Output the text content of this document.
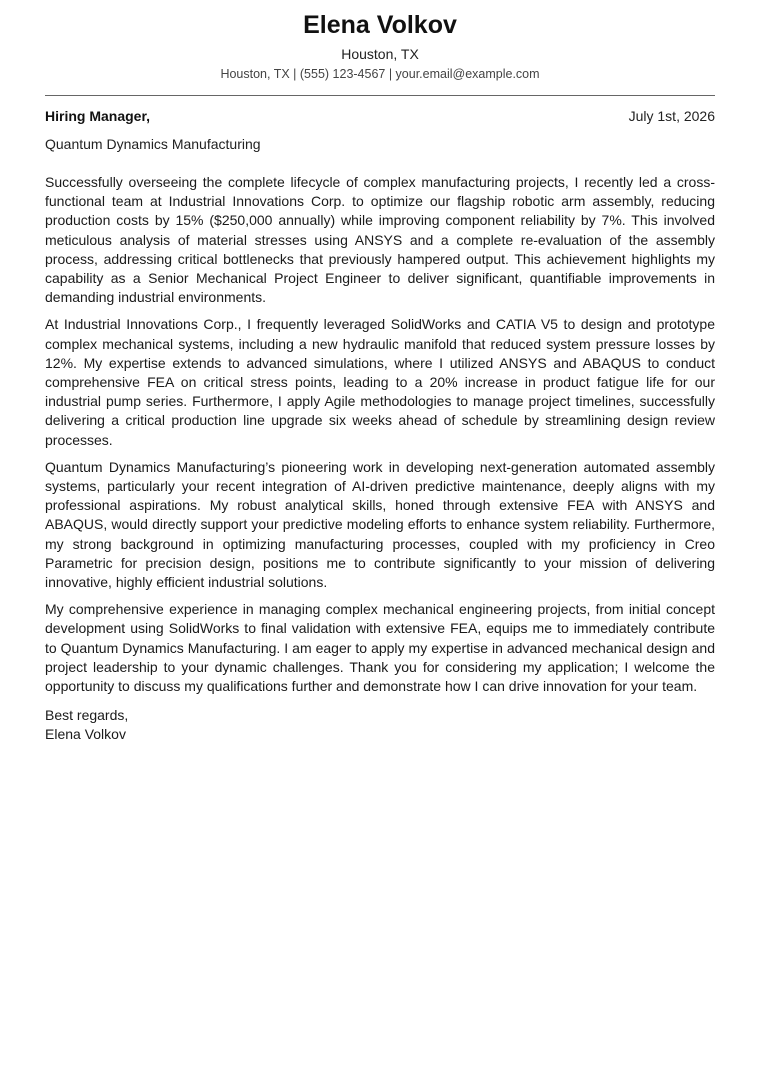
Elena Volkov
Houston, TX
Houston, TX | (555) 123-4567 | your.email@example.com
Hiring Manager,	July 1st, 2026
Quantum Dynamics Manufacturing

Successfully overseeing the complete lifecycle of complex manufacturing projects, I recently led a cross-functional team at Industrial Innovations Corp. to optimize our flagship robotic arm assembly, reducing production costs by 15% ($250,000 annually) while improving component reliability by 7%. This involved meticulous analysis of material stresses using ANSYS and a complete re-evaluation of the assembly process, addressing critical bottlenecks that previously hampered output. This achievement highlights my capability as a Senior Mechanical Project Engineer to deliver significant, quantifiable improvements in demanding industrial environments.

At Industrial Innovations Corp., I frequently leveraged SolidWorks and CATIA V5 to design and prototype complex mechanical systems, including a new hydraulic manifold that reduced system pressure losses by 12%. My expertise extends to advanced simulations, where I utilized ANSYS and ABAQUS to conduct comprehensive FEA on critical stress points, leading to a 20% increase in product fatigue life for our industrial pump series. Furthermore, I apply Agile methodologies to manage project timelines, successfully delivering a critical production line upgrade six weeks ahead of schedule by streamlining design review processes.

Quantum Dynamics Manufacturing’s pioneering work in developing next-generation automated assembly systems, particularly your recent integration of AI-driven predictive maintenance, deeply aligns with my professional aspirations. My robust analytical skills, honed through extensive FEA with ANSYS and ABAQUS, would directly support your predictive modeling efforts to enhance system reliability. Furthermore, my strong background in optimizing manufacturing processes, coupled with my proficiency in Creo Parametric for precision design, positions me to contribute significantly to your mission of delivering innovative, highly efficient industrial solutions.

My comprehensive experience in managing complex mechanical engineering projects, from initial concept development using SolidWorks to final validation with extensive FEA, equips me to immediately contribute to Quantum Dynamics Manufacturing. I am eager to apply my expertise in advanced mechanical design and project leadership to your dynamic challenges. Thank you for considering my application; I welcome the opportunity to discuss my qualifications further and demonstrate how I can drive innovation for your team.

Best regards,
Elena Volkov
